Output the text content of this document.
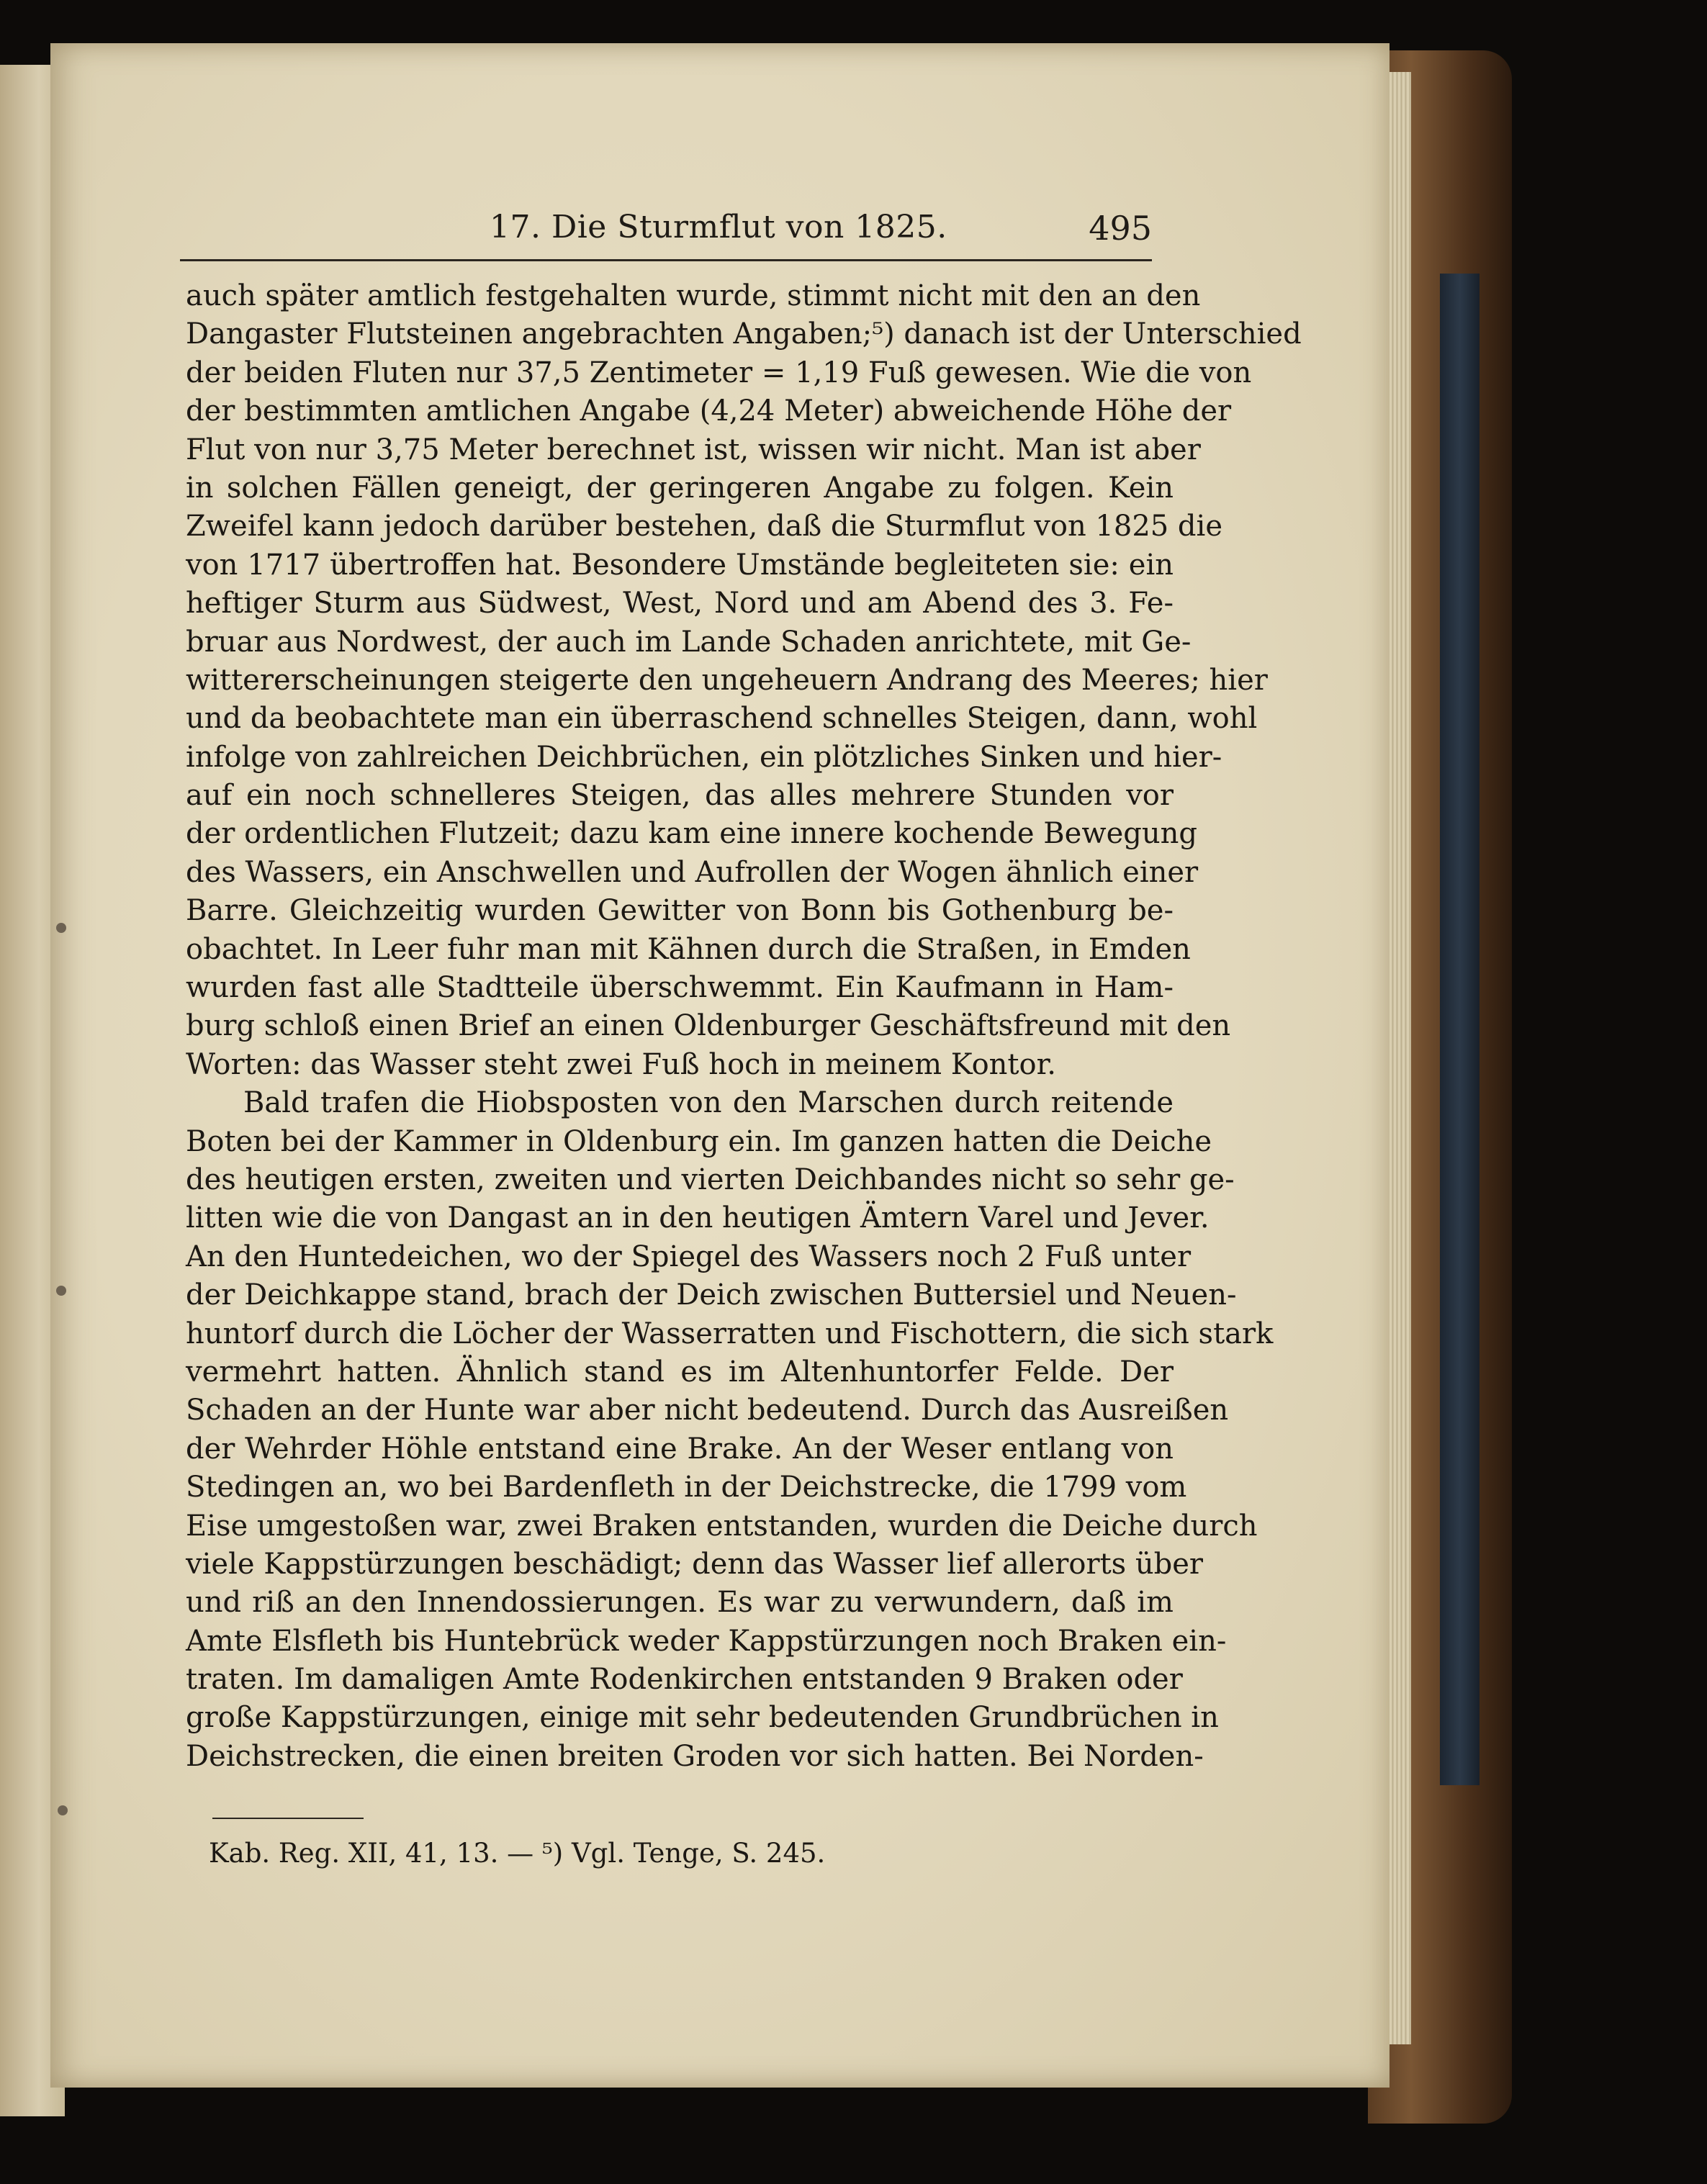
17. Die Sturmflut von 1825.	495
auch später amtlich festgehalten wurde, stimmt nicht mit den an den
Dangaster Flutsteinen angebrachten Angaben;⁵) danach ist der Unterschied
der beiden Fluten nur 37,5 Zentimeter = 1,19 Fuß gewesen. Wie die von
der bestimmten amtlichen Angabe (4,24 Meter) abweichende Höhe der
Flut von nur 3,75 Meter berechnet ist, wissen wir nicht. Man ist aber
in solchen Fällen geneigt, der geringeren Angabe zu folgen. Kein
Zweifel kann jedoch darüber bestehen, daß die Sturmflut von 1825 die
von 1717 übertroffen hat. Besondere Umstände begleiteten sie: ein
heftiger Sturm aus Südwest, West, Nord und am Abend des 3. Fe-
bruar aus Nordwest, der auch im Lande Schaden anrichtete, mit Ge-
wittererscheinungen steigerte den ungeheuern Andrang des Meeres; hier
und da beobachtete man ein überraschend schnelles Steigen, dann, wohl
infolge von zahlreichen Deichbrüchen, ein plötzliches Sinken und hier-
auf ein noch schnelleres Steigen, das alles mehrere Stunden vor
der ordentlichen Flutzeit; dazu kam eine innere kochende Bewegung
des Wassers, ein Anschwellen und Aufrollen der Wogen ähnlich einer
Barre. Gleichzeitig wurden Gewitter von Bonn bis Gothenburg be-
obachtet. In Leer fuhr man mit Kähnen durch die Straßen, in Emden
wurden fast alle Stadtteile überschwemmt. Ein Kaufmann in Ham-
burg schloß einen Brief an einen Oldenburger Geschäftsfreund mit den
Worten: das Wasser steht zwei Fuß hoch in meinem Kontor.
Bald trafen die Hiobsposten von den Marschen durch reitende
Boten bei der Kammer in Oldenburg ein. Im ganzen hatten die Deiche
des heutigen ersten, zweiten und vierten Deichbandes nicht so sehr ge-
litten wie die von Dangast an in den heutigen Ämtern Varel und Jever.
An den Huntedeichen, wo der Spiegel des Wassers noch 2 Fuß unter
der Deichkappe stand, brach der Deich zwischen Buttersiel und Neuen-
huntorf durch die Löcher der Wasserratten und Fischottern, die sich stark
vermehrt hatten. Ähnlich stand es im Altenhuntorfer Felde. Der
Schaden an der Hunte war aber nicht bedeutend. Durch das Ausreißen
der Wehrder Höhle entstand eine Brake. An der Weser entlang von
Stedingen an, wo bei Bardenfleth in der Deichstrecke, die 1799 vom
Eise umgestoßen war, zwei Braken entstanden, wurden die Deiche durch
viele Kappstürzungen beschädigt; denn das Wasser lief allerorts über
und riß an den Innendossierungen. Es war zu verwundern, daß im
Amte Elsfleth bis Huntebrück weder Kappstürzungen noch Braken ein-
traten. Im damaligen Amte Rodenkirchen entstanden 9 Braken oder
große Kappstürzungen, einige mit sehr bedeutenden Grundbrüchen in
Deichstrecken, die einen breiten Groden vor sich hatten. Bei Norden-
Kab. Reg. XII, 41, 13. — ⁵) Vgl. Tenge, S. 245.
